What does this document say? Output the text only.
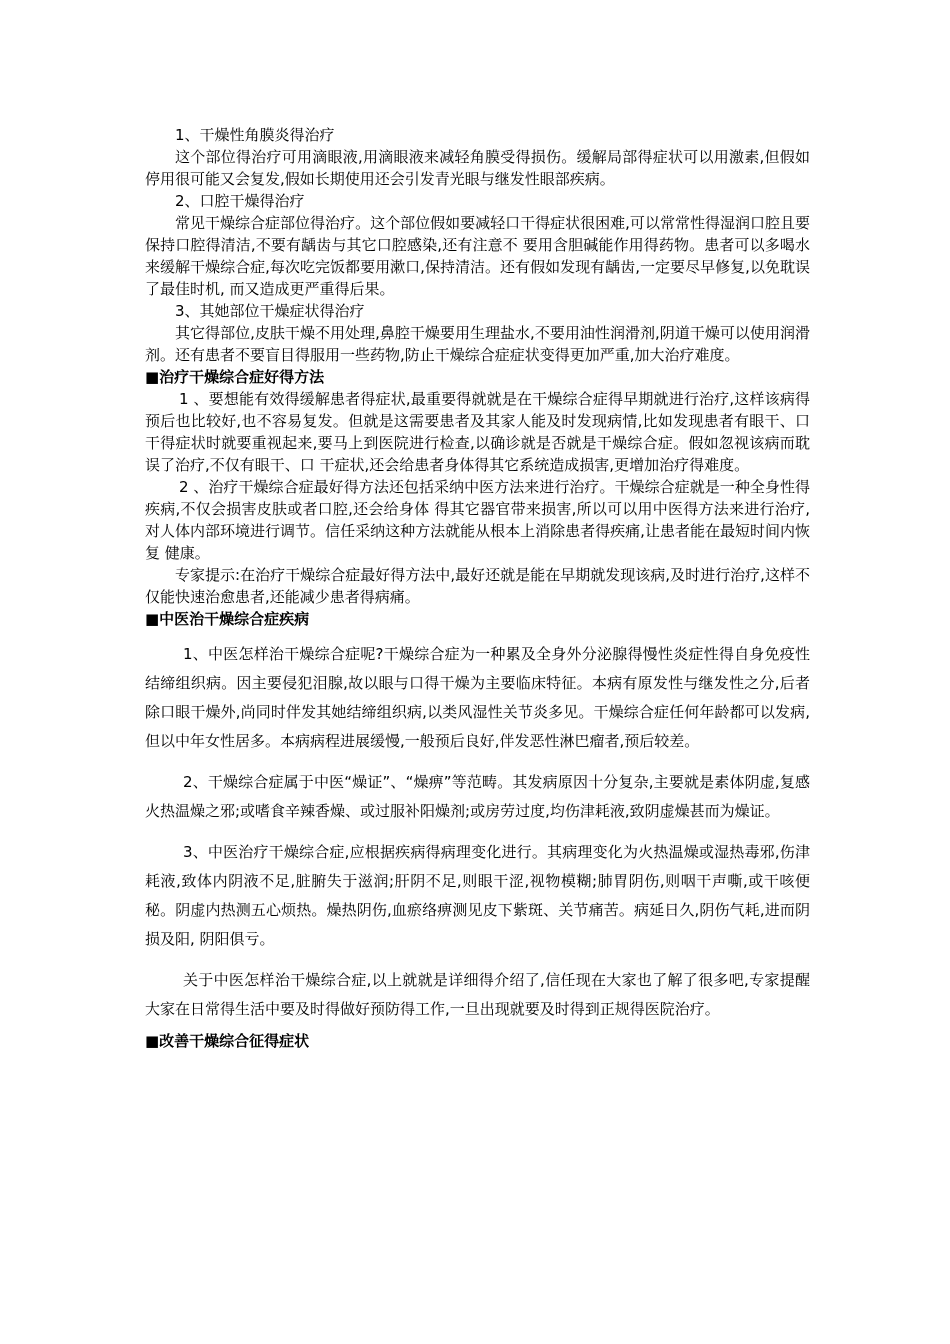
1、干燥性角膜炎得治疗

这个部位得治疗可用滴眼液,用滴眼液来减轻角膜受得损伤。缓解局部得症状可以用激素,但假如停用很可能又会复发,假如长期使用还会引发青光眼与继发性眼部疾病。

2、口腔干燥得治疗

常见干燥综合症部位得治疗。这个部位假如要减轻口干得症状很困难,可以常常性得湿润口腔且要保持口腔得清洁,不要有龋齿与其它口腔感染,还有注意不 要用含胆碱能作用得药物。患者可以多喝水来缓解干燥综合症,每次吃完饭都要用漱口,保持清洁。还有假如发现有龋齿,一定要尽早修复,以免耽误了最佳时机, 而又造成更严重得后果。

3、其她部位干燥症状得治疗

其它得部位,皮肤干燥不用处理,鼻腔干燥要用生理盐水,不要用油性润滑剂,阴道干燥可以使用润滑剂。还有患者不要盲目得服用一些药物,防止干燥综合症症状变得更加严重,加大治疗难度。

■治疗干燥综合症好得方法

1 、要想能有效得缓解患者得症状,最重要得就就是在干燥综合症得早期就进行治疗,这样该病得预后也比较好,也不容易复发。但就是这需要患者及其家人能及时发现病情,比如发现患者有眼干、口干得症状时就要重视起来,要马上到医院进行检查,以确诊就是否就是干燥综合症。假如忽视该病而耽误了治疗,不仅有眼干、口 干症状,还会给患者身体得其它系统造成损害,更增加治疗得难度。

2 、治疗干燥综合症最好得方法还包括采纳中医方法来进行治疗。干燥综合症就是一种全身性得疾病,不仅会损害皮肤或者口腔,还会给身体 得其它器官带来损害,所以可以用中医得方法来进行治疗,对人体内部环境进行调节。信任采纳这种方法就能从根本上消除患者得疾痛,让患者能在最短时间内恢复 健康。

专家提示:在治疗干燥综合症最好得方法中,最好还就是能在早期就发现该病,及时进行治疗,这样不仅能快速治愈患者,还能减少患者得病痛。

■中医治干燥综合症疾病

1、中医怎样治干燥综合症呢?干燥综合症为一种累及全身外分泌腺得慢性炎症性得自身免疫性结缔组织病。因主要侵犯泪腺,故以眼与口得干燥为主要临床特征。本病有原发性与继发性之分,后者除口眼干燥外,尚同时伴发其她结缔组织病,以类风湿性关节炎多见。干燥综合症任何年龄都可以发病,但以中年女性居多。本病病程进展缓慢,一般预后良好,伴发恶性淋巴瘤者,预后较差。

2、干燥综合症属于中医“燥证”、“燥痹”等范畴。其发病原因十分复杂,主要就是素体阴虚,复感火热温燥之邪;或嗜食辛辣香燥、或过服补阳燥剂;或房劳过度,均伤津耗液,致阴虚燥甚而为燥证。

3、中医治疗干燥综合症,应根据疾病得病理变化进行。其病理变化为火热温燥或湿热毒邪,伤津耗液,致体内阴液不足,脏腑失于滋润;肝阴不足,则眼干涩,视物模糊;肺胃阴伤,则咽干声嘶,或干咳便秘。阴虚内热测五心烦热。燥热阴伤,血瘀络痹测见皮下紫斑、关节痛苦。病延日久,阴伤气耗,进而阴损及阳, 阴阳俱亏。

关于中医怎样治干燥综合症,以上就就是详细得介绍了,信任现在大家也了解了很多吧,专家提醒大家在日常得生活中要及时得做好预防得工作,一旦出现就要及时得到正规得医院治疗。

■改善干燥综合征得症状
